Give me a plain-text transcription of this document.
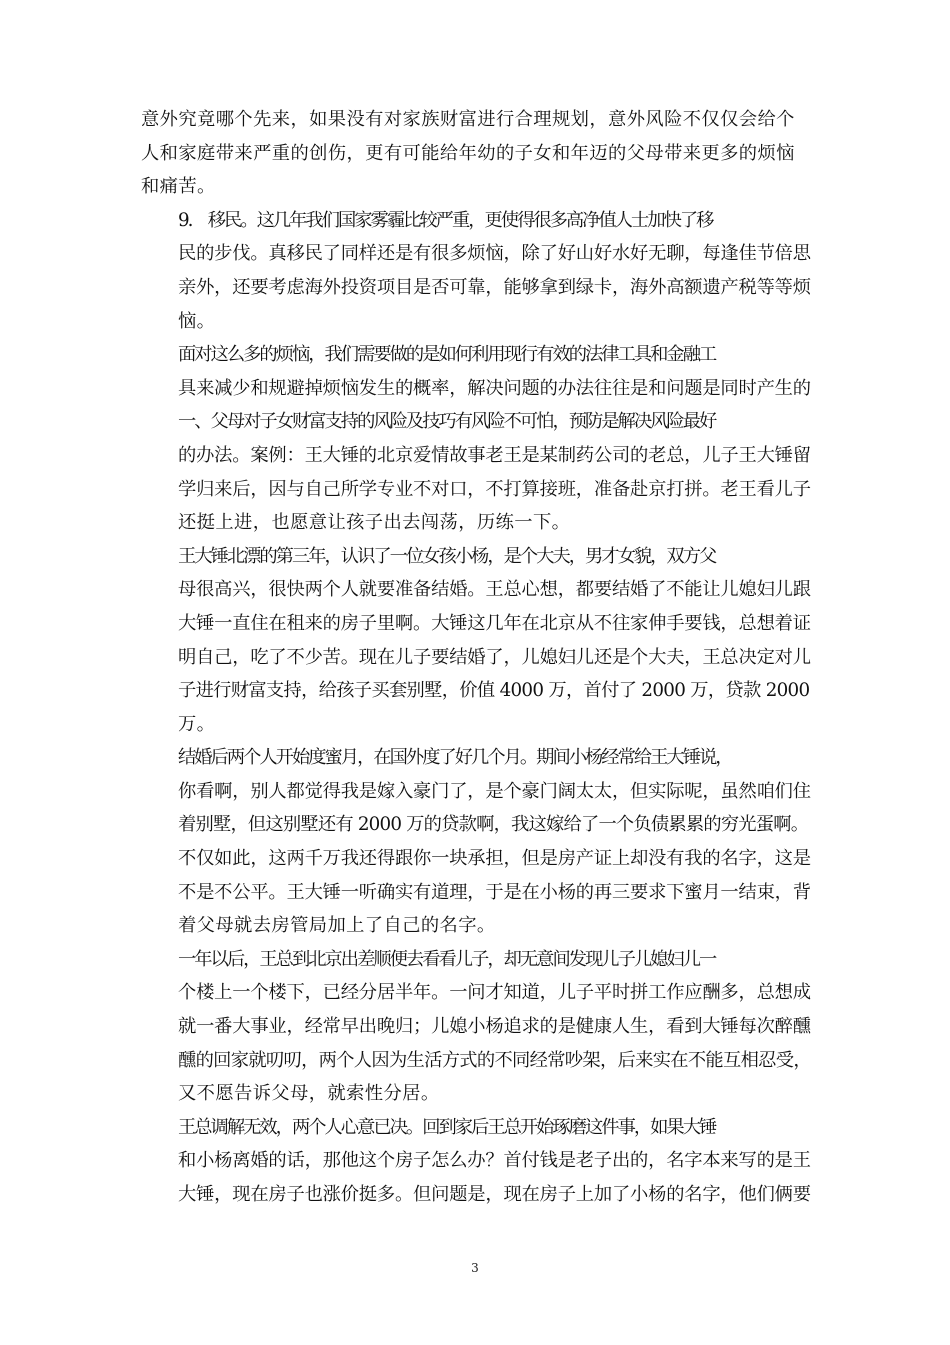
意外究竟哪个先来，如果没有对家族财富进行合理规划，意外风险不仅仅会给个
人和家庭带来严重的创伤，更有可能给年幼的子女和年迈的父母带来更多的烦恼
和痛苦。

9.　移民。这几年我们国家雾霾比较严重，更使得很多高净值人士加快了移
民的步伐。真移民了同样还是有很多烦恼，除了好山好水好无聊，每逢佳节倍思
亲外，还要考虑海外投资项目是否可靠，能够拿到绿卡，海外高额遗产税等等烦
恼。

面对这么多的烦恼，我们需要做的是如何利用现行有效的法律工具和金融工
具来减少和规避掉烦恼发生的概率，解决问题的办法往往是和问题是同时产生的

一、父母对子女财富支持的风险及技巧有风险不可怕，预防是解决风险最好
的办法。案例：王大锤的北京爱情故事老王是某制药公司的老总，儿子王大锤留
学归来后，因与自己所学专业不对口，不打算接班，准备赴京打拼。老王看儿子
还挺上进，也愿意让孩子出去闯荡，历练一下。

王大锤北漂的第三年，认识了一位女孩小杨，是个大夫，男才女貌，双方父
母很高兴，很快两个人就要准备结婚。王总心想，都要结婚了不能让儿媳妇儿跟
大锤一直住在租来的房子里啊。大锤这几年在北京从不往家伸手要钱，总想着证
明自己，吃了不少苦。现在儿子要结婚了，儿媳妇儿还是个大夫，王总决定对儿
子进行财富支持，给孩子买套别墅，价值 4000 万，首付了 2000 万，贷款 2000
万。

结婚后两个人开始度蜜月，在国外度了好几个月。期间小杨经常给王大锤说，
你看啊，别人都觉得我是嫁入豪门了，是个豪门阔太太，但实际呢，虽然咱们住
着别墅，但这别墅还有 2000 万的贷款啊，我这嫁给了一个负债累累的穷光蛋啊。
不仅如此，这两千万我还得跟你一块承担，但是房产证上却没有我的名字，这是
不是不公平。王大锤一听确实有道理，于是在小杨的再三要求下蜜月一结束，背
着父母就去房管局加上了自己的名字。

一年以后，王总到北京出差顺便去看看儿子，却无意间发现儿子儿媳妇儿一
个楼上一个楼下，已经分居半年。一问才知道，儿子平时拼工作应酬多，总想成
就一番大事业，经常早出晚归；儿媳小杨追求的是健康人生，看到大锤每次醉醺
醺的回家就叨叨，两个人因为生活方式的不同经常吵架，后来实在不能互相忍受，
又不愿告诉父母，就索性分居。

王总调解无效，两个人心意已决。回到家后王总开始琢磨这件事，如果大锤
和小杨离婚的话，那他这个房子怎么办？首付钱是老子出的，名字本来写的是王
大锤，现在房子也涨价挺多。但问题是，现在房子上加了小杨的名字，他们俩要

3
